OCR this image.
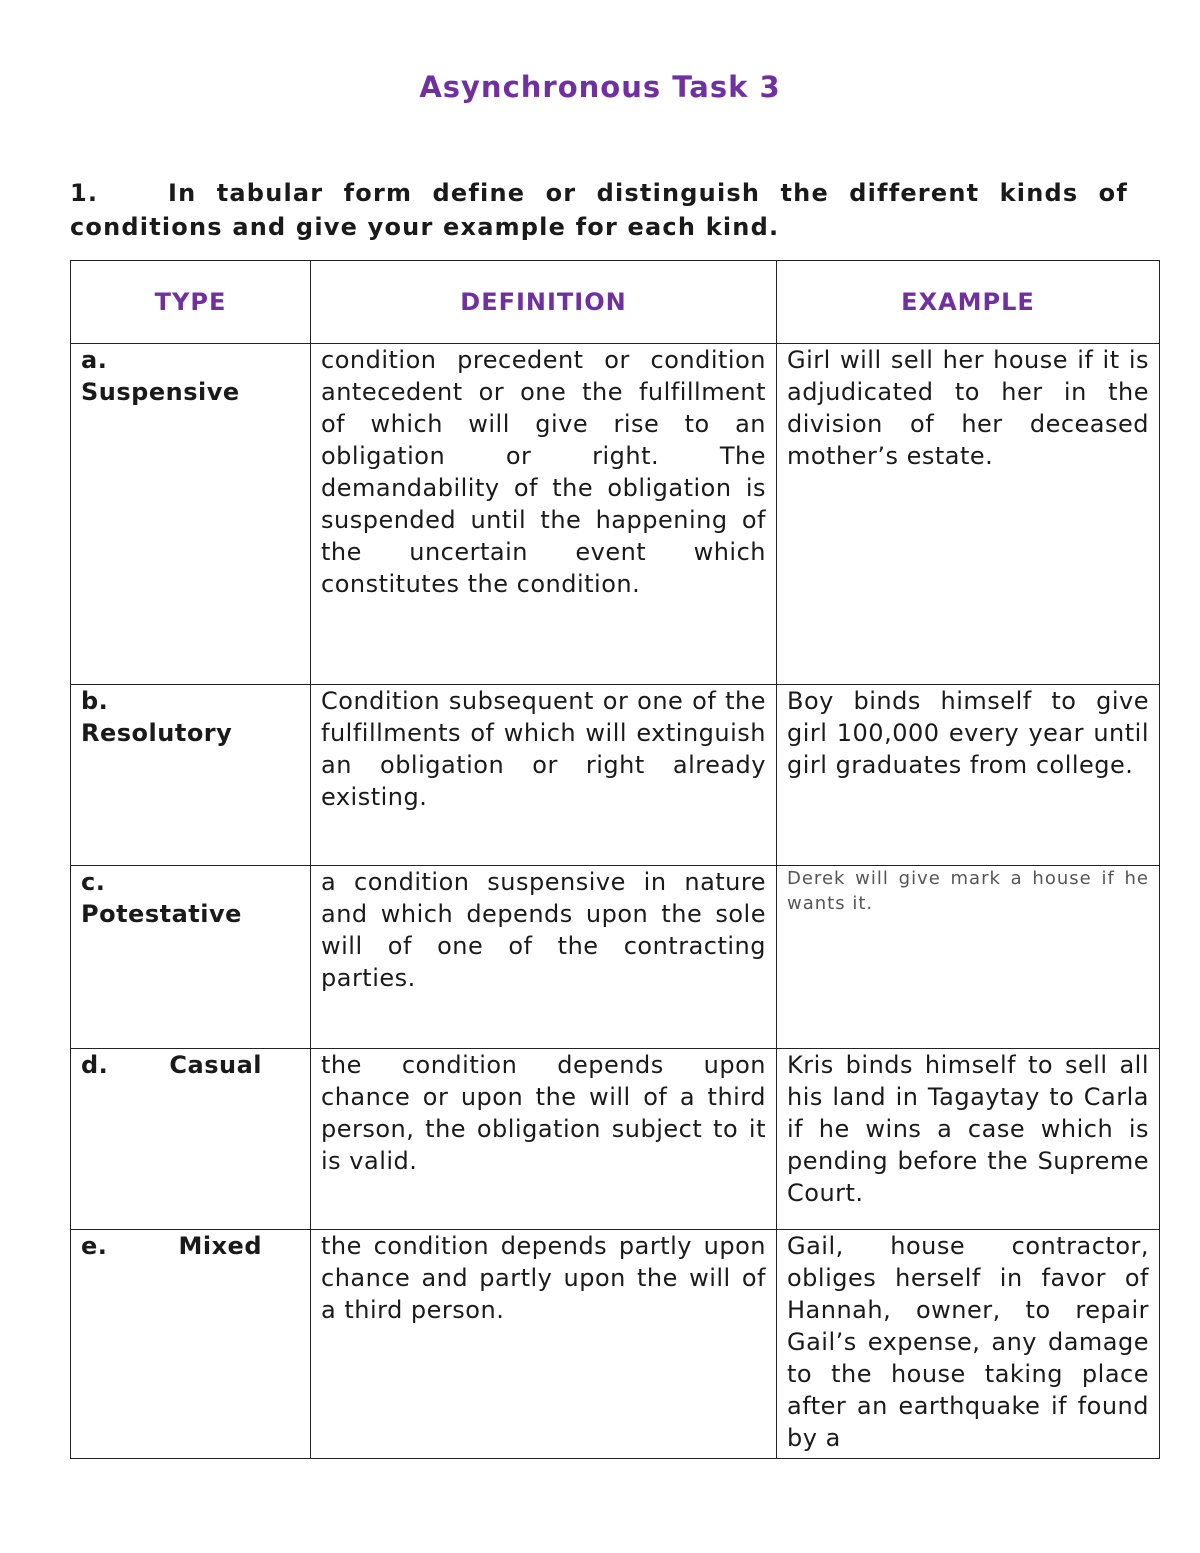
Asynchronous Task 3
1.	In tabular form define or distinguish the different kinds of conditions and give your example for each kind.
TYPE	DEFINITION	EXAMPLE

a.
Suspensive	condition precedent or condition antecedent or one the fulfillment of which will give rise to an obligation or right. The demandability of the obligation is suspended until the happening of the uncertain event which constitutes the condition.	Girl will sell her house if it is adjudicated to her in the division of her deceased mother’s estate.

b.
Resolutory	Condition subsequent or one of the fulfillments of which will extinguish an obligation or right already existing.	Boy binds himself to give girl 100,000 every year until girl graduates from college.

c.
Potestative	a condition suspensive in nature and which depends upon the sole will of one of the contracting parties.	Derek will give mark a house if he wants it.

d. Casual	the condition depends upon chance or upon the will of a third person, the obligation subject to it is valid.	Kris binds himself to sell all his land in Tagaytay to Carla if he wins a case which is pending before the Supreme Court.

e. Mixed	the condition depends partly upon chance and partly upon the will of a third person.	Gail, house contractor, obliges herself in favor of Hannah, owner, to repair Gail’s expense, any damage to the house taking place after an earthquake if found by a
